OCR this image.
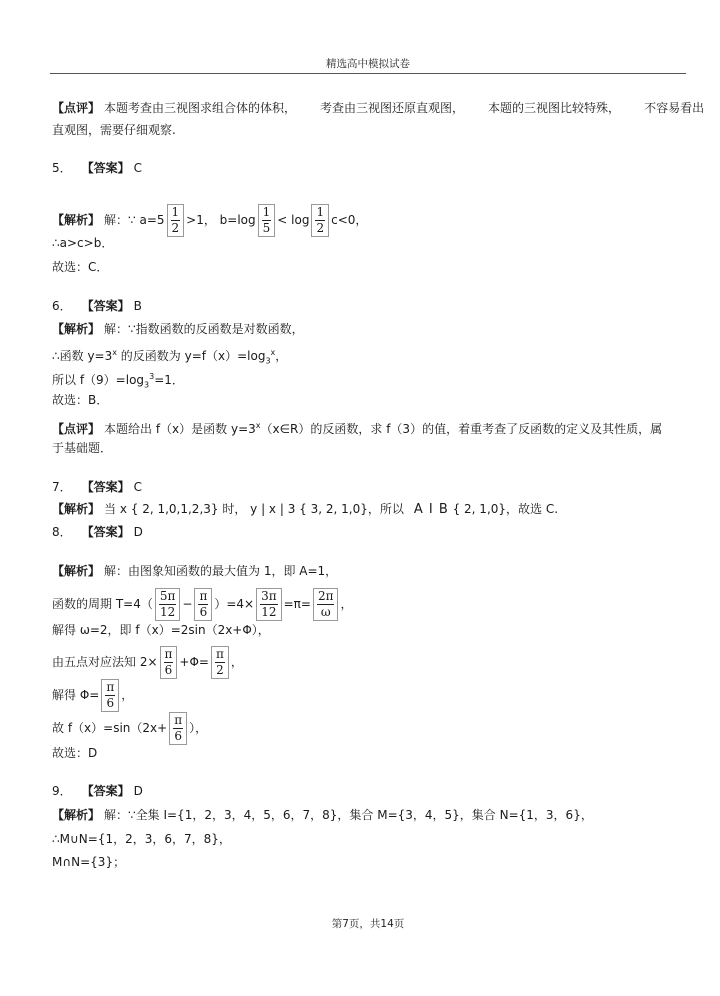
精选高中模拟试卷
【点评】 本题考查由三视图求组合体的体积， 考查由三视图还原直观图， 本题的三视图比较特殊， 不容易看出
直观图，需要仔细观察.
5． 【答案】 C
【解析】 解：∵ $a=5 \frac{1}{2} >1$， $b=\log \frac{1}{5} < \log \frac{1}{2} c<0$，
∴a>c>b．
故选：C．
6． 【答案】 B
【解析】 解：∵指数函数的反函数是对数函数，
∴函数 $y=3^x$ 的反函数为 $y=f(x)=\log_3^x$，
所以 $f(9)=\log_3^3=1$．
故选：B．
【点评】 本题给出 f（x）是函数 $y=3^x(x\in R)$的反函数，求 f（3）的值，着重考查了反函数的定义及其性质，属
于基础题．
7． 【答案】 C
【解析】 当 x { 2, 1,0,1,2,3} 时， y | x | 3 { 3, 2, 1,0}，所以 A I B { 2, 1,0}，故选 C.
8． 【答案】 D
【解析】 解：由图象知函数的最大值为 1，即 A=1，
函数的周期 $T=4( \frac{5\pi}{12} - \frac{\pi}{6} )=4\times \frac{3\pi}{12} =\pi= \frac{2\pi}{\omega}$ ，
解得 ω=2，即 f（x）=2sin（2x+Φ），
由五点对应法知 $2\times \frac{\pi}{6} +\Phi= \frac{\pi}{2}$ ，
解得 $\Phi= \frac{\pi}{6}$ ，
故 $f(x)=\sin(2x+ \frac{\pi}{6}$ ），
故选：D
9． 【答案】 D
【解析】 解：∵全集 I={1，2，3，4，5，6，7，8}，集合 M={3，4，5}，集合 N={1，3，6}，
∴M∪N={1，2，3，6，7，8}，
M∩N={3}；
第7页，共14页
